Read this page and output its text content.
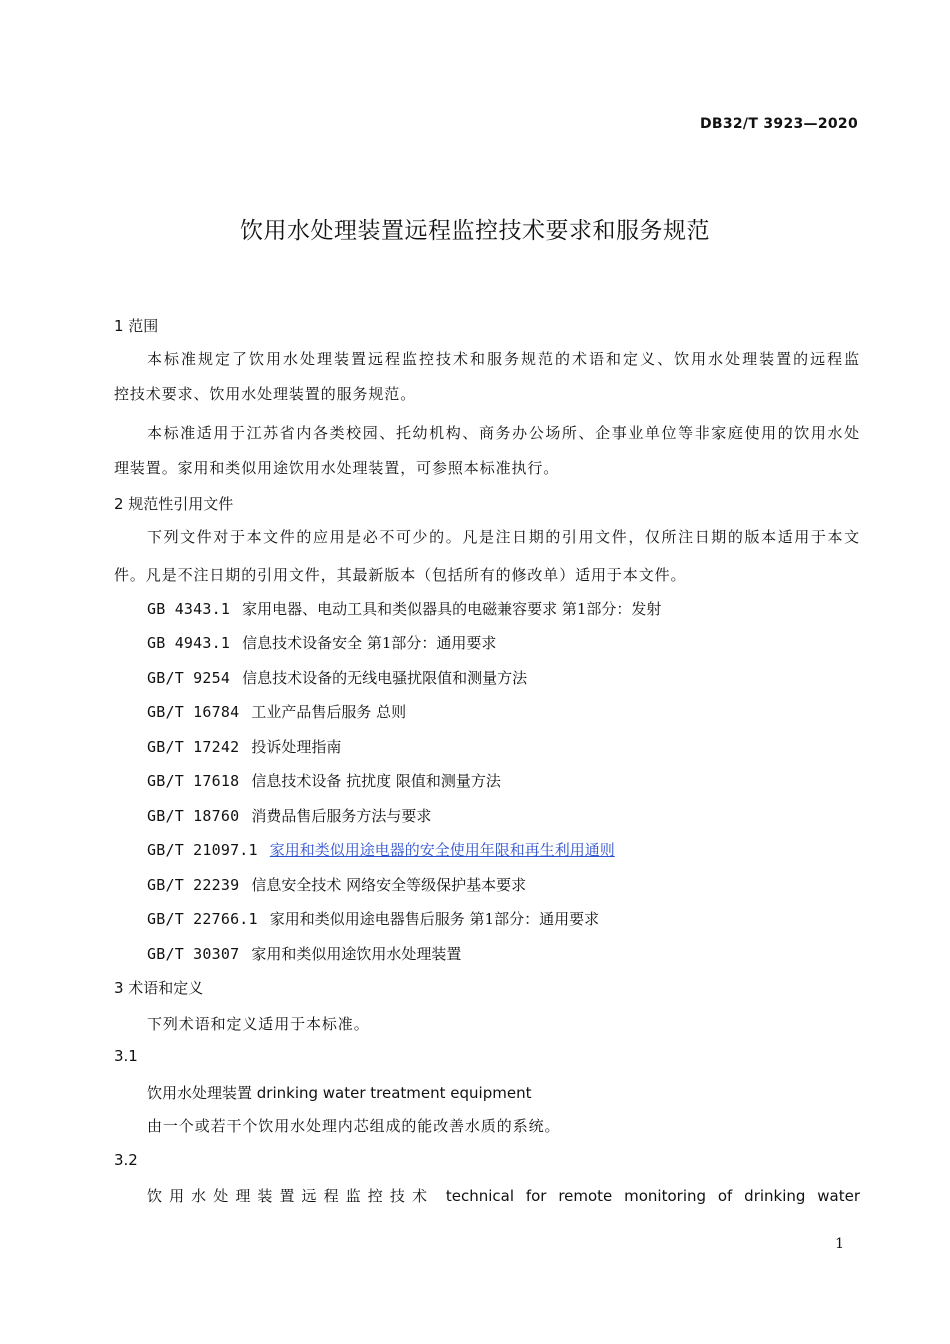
DB32/T 3923—2020
饮用水处理装置远程监控技术要求和服务规范
1 范围
本标准规定了饮用水处理装置远程监控技术和服务规范的术语和定义、饮用水处理装置的远程监
控技术要求、饮用水处理装置的服务规范。
本标准适用于江苏省内各类校园、托幼机构、商务办公场所、企事业单位等非家庭使用的饮用水处
理装置。家用和类似用途饮用水处理装置，可参照本标准执行。
2 规范性引用文件
下列文件对于本文件的应用是必不可少的。凡是注日期的引用文件，仅所注日期的版本适用于本文
件。凡是不注日期的引用文件，其最新版本（包括所有的修改单）适用于本文件。
GB 4343.1 家用电器、电动工具和类似器具的电磁兼容要求 第1部分：发射
GB 4943.1 信息技术设备安全 第1部分：通用要求
GB/T 9254 信息技术设备的无线电骚扰限值和测量方法
GB/T 16784 工业产品售后服务 总则
GB/T 17242 投诉处理指南
GB/T 17618 信息技术设备 抗扰度 限值和测量方法
GB/T 18760 消费品售后服务方法与要求
GB/T 21097.1 家用和类似用途电器的安全使用年限和再生利用通则
GB/T 22239 信息安全技术 网络安全等级保护基本要求
GB/T 22766.1 家用和类似用途电器售后服务 第1部分：通用要求
GB/T 30307 家用和类似用途饮用水处理装置
3 术语和定义
下列术语和定义适用于本标准。
3.1
饮用水处理装置 drinking water treatment equipment
由一个或若干个饮用水处理内芯组成的能改善水质的系统。
3.2
饮用水处理装置远程监控技术 technical for remote monitoring of drinking water
1
